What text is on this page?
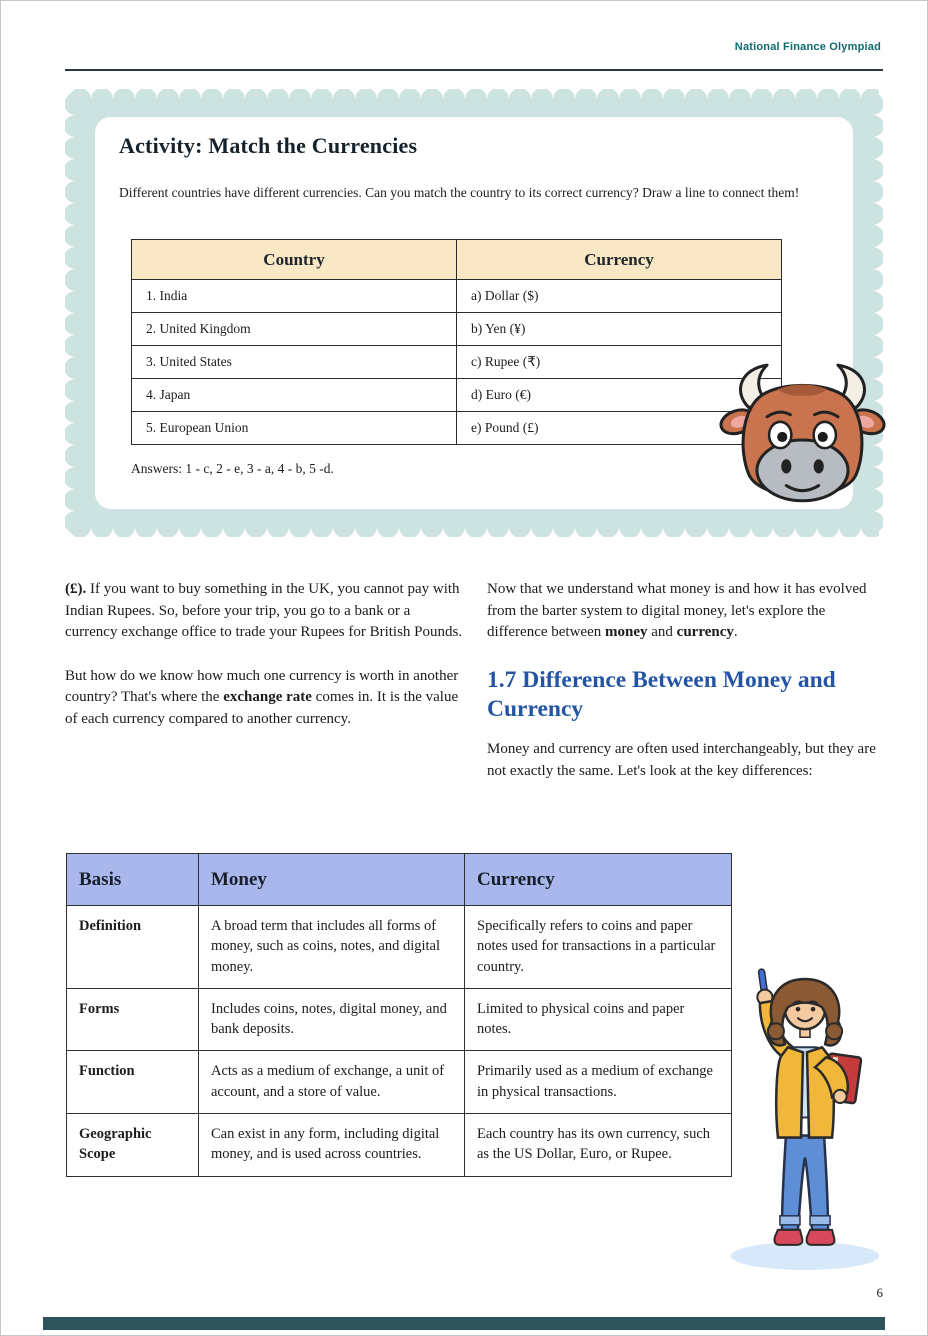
National Finance Olympiad
Activity: Match the Currencies
Different countries have different currencies. Can you match the country to its correct currency? Draw a line to connect them!
Country	Currency
1. India	a) Dollar ($)
2. United Kingdom	b) Yen (¥)
3. United States	c) Rupee (₹)
4. Japan	d) Euro (€)
5. European Union	e) Pound (£)
Answers: 1 - c, 2 - e, 3 - a, 4 - b, 5 -d.

(£). If you want to buy something in the UK, you cannot pay with Indian Rupees. So, before your trip, you go to a bank or a currency exchange office to trade your Rupees for British Pounds.

But how do we know how much one currency is worth in another country? That's where the exchange rate comes in. It is the value of each currency compared to another currency.

Now that we understand what money is and how it has evolved from the barter system to digital money, let's explore the difference between money and currency.

1.7 Difference Between Money and Currency

Money and currency are often used interchangeably, but they are not exactly the same. Let's look at the key differences:

Basis	Money	Currency
Definition	A broad term that includes all forms of money, such as coins, notes, and digital money.	Specifically refers to coins and paper notes used for transactions in a particular country.
Forms	Includes coins, notes, digital money, and bank deposits.	Limited to physical coins and paper notes.
Function	Acts as a medium of exchange, a unit of account, and a store of value.	Primarily used as a medium of exchange in physical transactions.
Geographic Scope	Can exist in any form, including digital money, and is used across countries.	Each country has its own currency, such as the US Dollar, Euro, or Rupee.
6
